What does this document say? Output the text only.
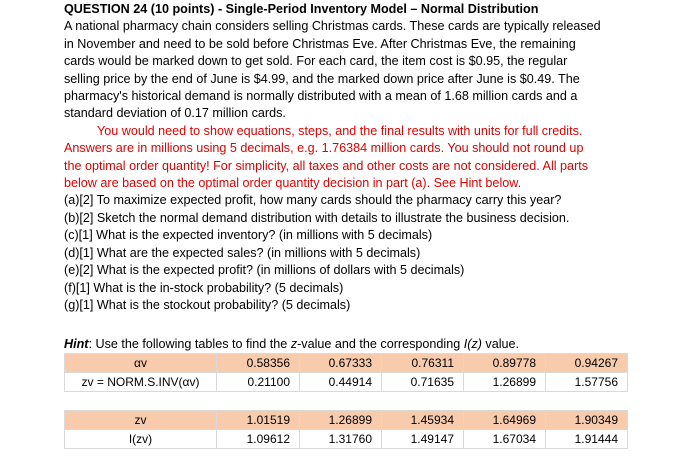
QUESTION 24 (10 points) - Single-Period Inventory Model – Normal Distribution
A national pharmacy chain considers selling Christmas cards. These cards are typically released
in November and need to be sold before Christmas Eve. After Christmas Eve, the remaining
cards would be marked down to get sold. For each card, the item cost is $0.95, the regular
selling price by the end of June is $4.99, and the marked down price after June is $0.49. The
pharmacy's historical demand is normally distributed with a mean of 1.68 million cards and a
standard deviation of 0.17 million cards.
You would need to show equations, steps, and the final results with units for full credits.
Answers are in millions using 5 decimals, e.g. 1.76384 million cards. You should not round up
the optimal order quantity! For simplicity, all taxes and other costs are not considered. All parts
below are based on the optimal order quantity decision in part (a). See Hint below.
(a)[2] To maximize expected profit, how many cards should the pharmacy carry this year?
(b)[2] Sketch the normal demand distribution with details to illustrate the business decision.
(c)[1] What is the expected inventory? (in millions with 5 decimals)
(d)[1] What are the expected sales? (in millions with 5 decimals)
(e)[2] What is the expected profit? (in millions of dollars with 5 decimals)
(f)[1] What is the in-stock probability? (5 decimals)
(g)[1] What is the stockout probability? (5 decimals)
Hint: Use the following tables to find the z-value and the corresponding I(z) value.
αv	0.58356	0.67333	0.76311	0.89778	0.94267
zv = NORM.S.INV(αv)	0.21100	0.44914	0.71635	1.26899	1.57756
zv	1.01519	1.26899	1.45934	1.64969	1.90349
I(zv)	1.09612	1.31760	1.49147	1.67034	1.91444
